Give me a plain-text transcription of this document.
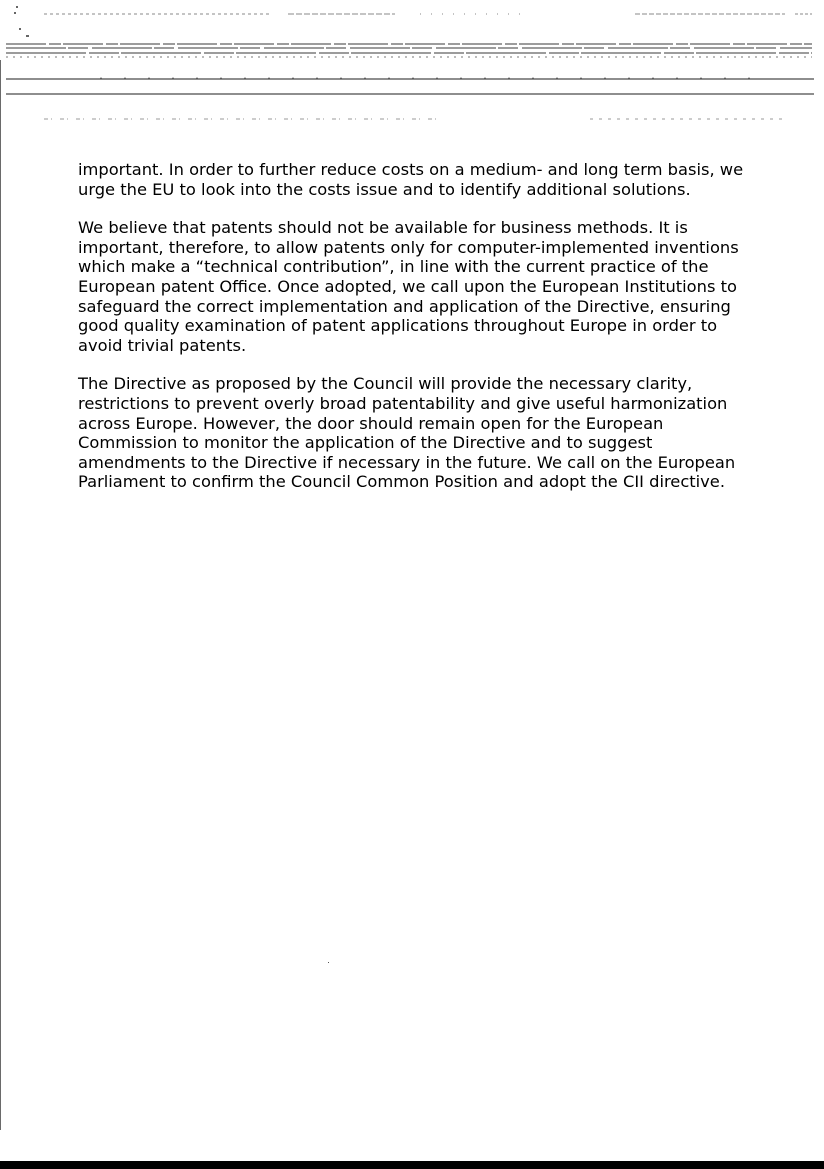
important. In order to further reduce costs on a medium- and long term basis, we
urge the EU to look into the costs issue and to identify additional solutions.

We believe that patents should not be available for business methods. It is
important, therefore, to allow patents only for computer-implemented inventions
which make a “technical contribution”, in line with the current practice of the
European patent Office. Once adopted, we call upon the European Institutions to
safeguard the correct implementation and application of the Directive, ensuring
good quality examination of patent applications throughout Europe in order to
avoid trivial patents.

The Directive as proposed by the Council will provide the necessary clarity,
restrictions to prevent overly broad patentability and give useful harmonization
across Europe. However, the door should remain open for the European
Commission to monitor the application of the Directive and to suggest
amendments to the Directive if necessary in the future. We call on the European
Parliament to confirm the Council Common Position and adopt the CII directive.
